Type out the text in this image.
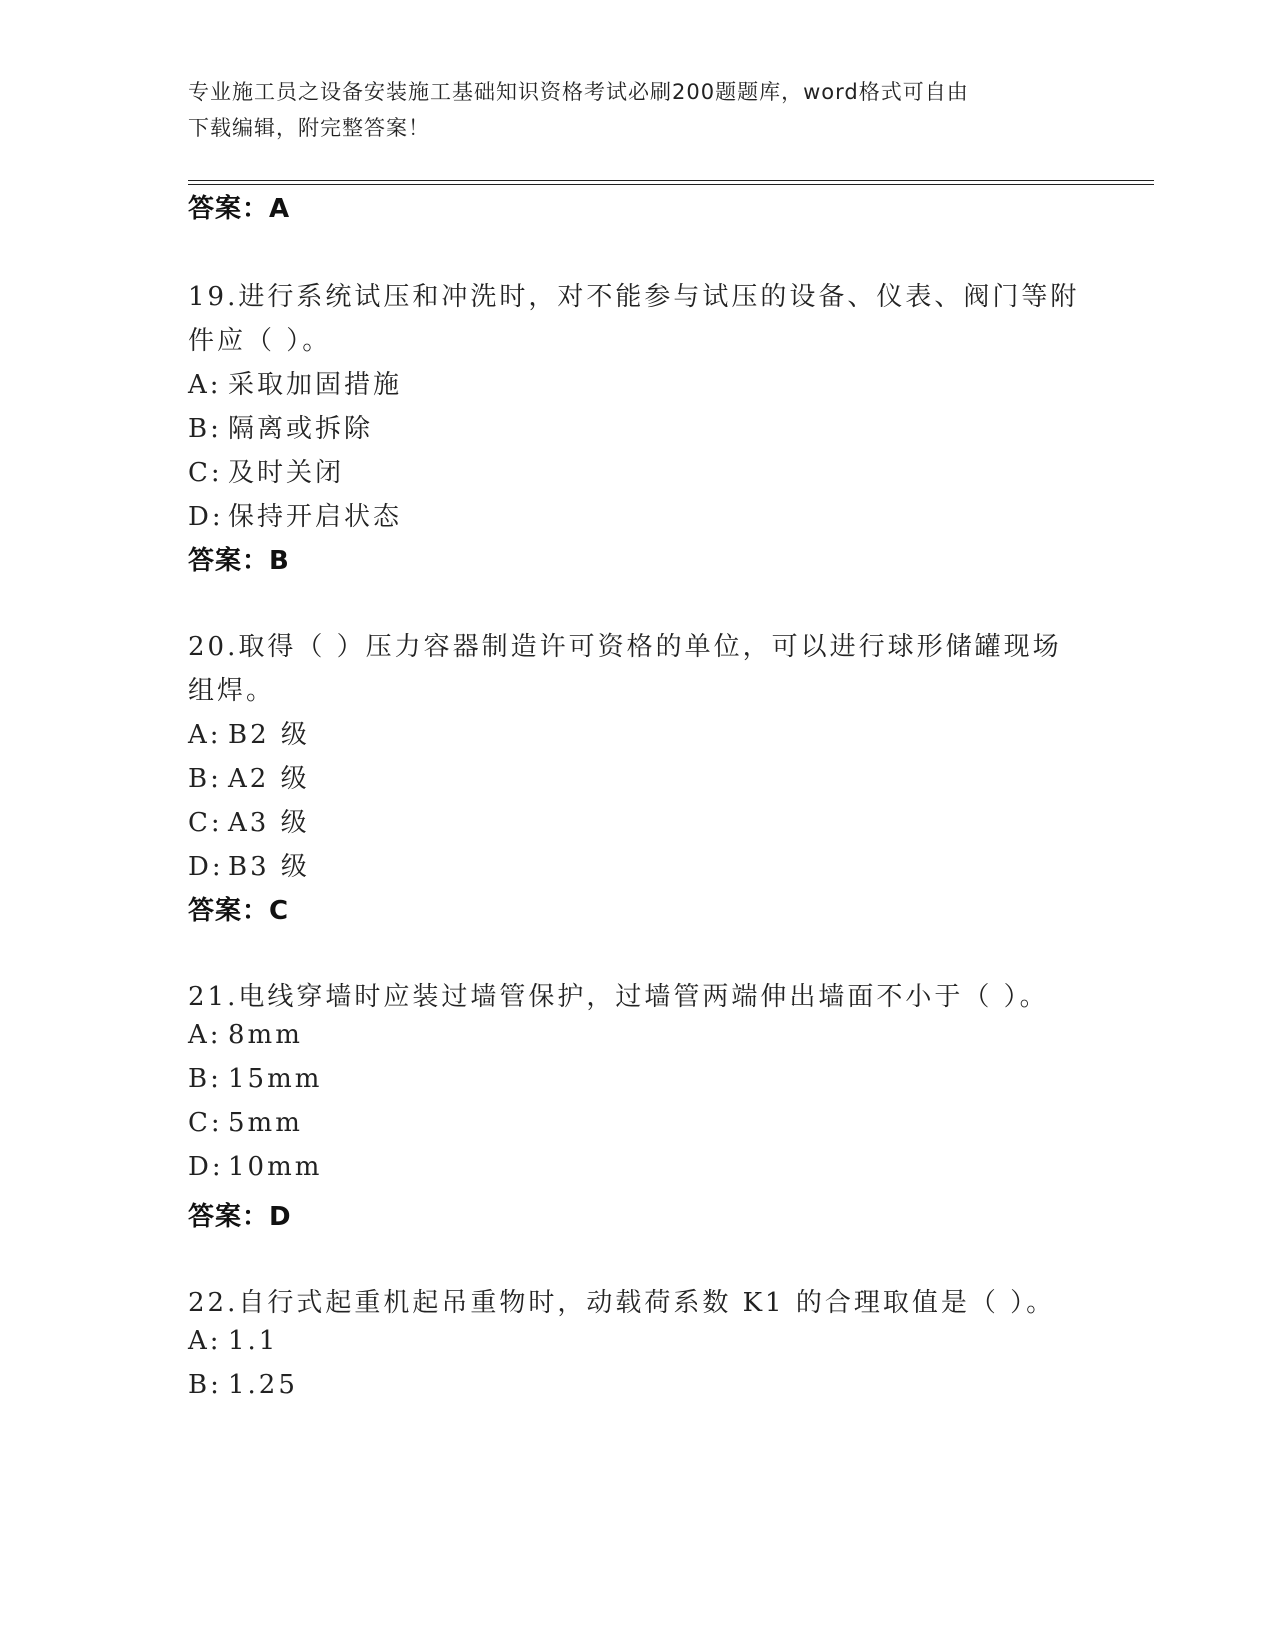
专业施工员之设备安装施工基础知识资格考试必刷200题题库，word格式可自由
下载编辑，附完整答案！
答案：A
19.进行系统试压和冲洗时，对不能参与试压的设备、仪表、阀门等附
件应（ ）。
A: 采取加固措施
B: 隔离或拆除
C: 及时关闭
D: 保持开启状态
答案：B
20.取得（ ）压力容器制造许可资格的单位，可以进行球形储罐现场
组焊。
A: B2 级
B: A2 级
C: A3 级
D: B3 级
答案：C
21.电线穿墙时应装过墙管保护，过墙管两端伸出墙面不小于（ ）。
A: 8mm
B: 15mm
C: 5mm
D: 10mm
答案：D
22.自行式起重机起吊重物时，动载荷系数 K1 的合理取值是（ ）。
A: 1.1
B: 1.25
